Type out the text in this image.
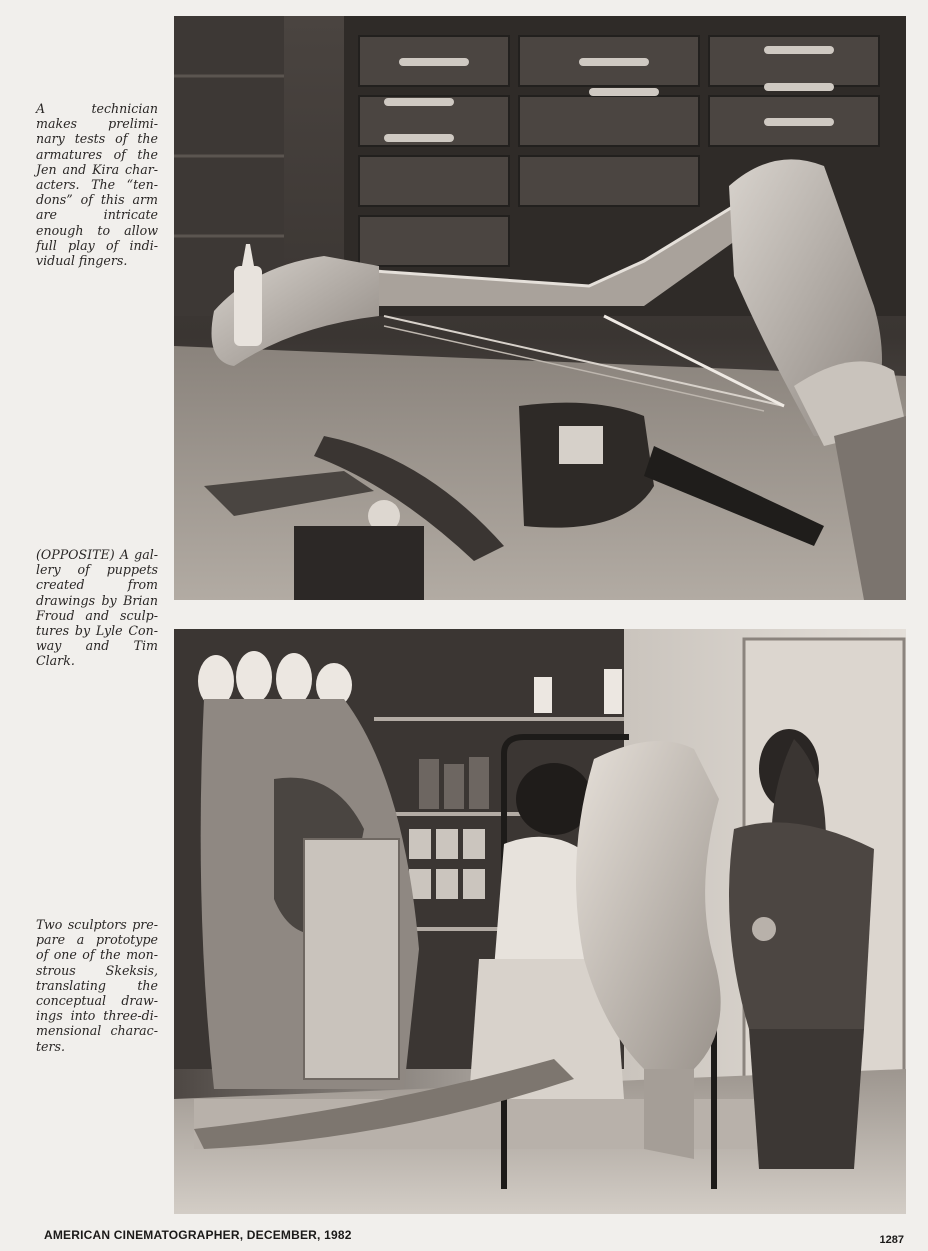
A technician
makes prelimi-
nary tests of the
armatures of the
Jen and Kira char-
acters. The “ten-
dons” of this arm
are intricate
enough to allow
full play of indi-
vidual fingers.
(OPPOSITE) A gal-
lery of puppets
created from
drawings by Brian
Froud and sculp-
tures by Lyle Con-
way and Tim
Clark.
Two sculptors pre-
pare a prototype
of one of the mon-
strous Skeksis,
translating the
conceptual draw-
ings into three-di-
mensional charac-
ters.
AMERICAN CINEMATOGRAPHER, DECEMBER, 1982	1287
